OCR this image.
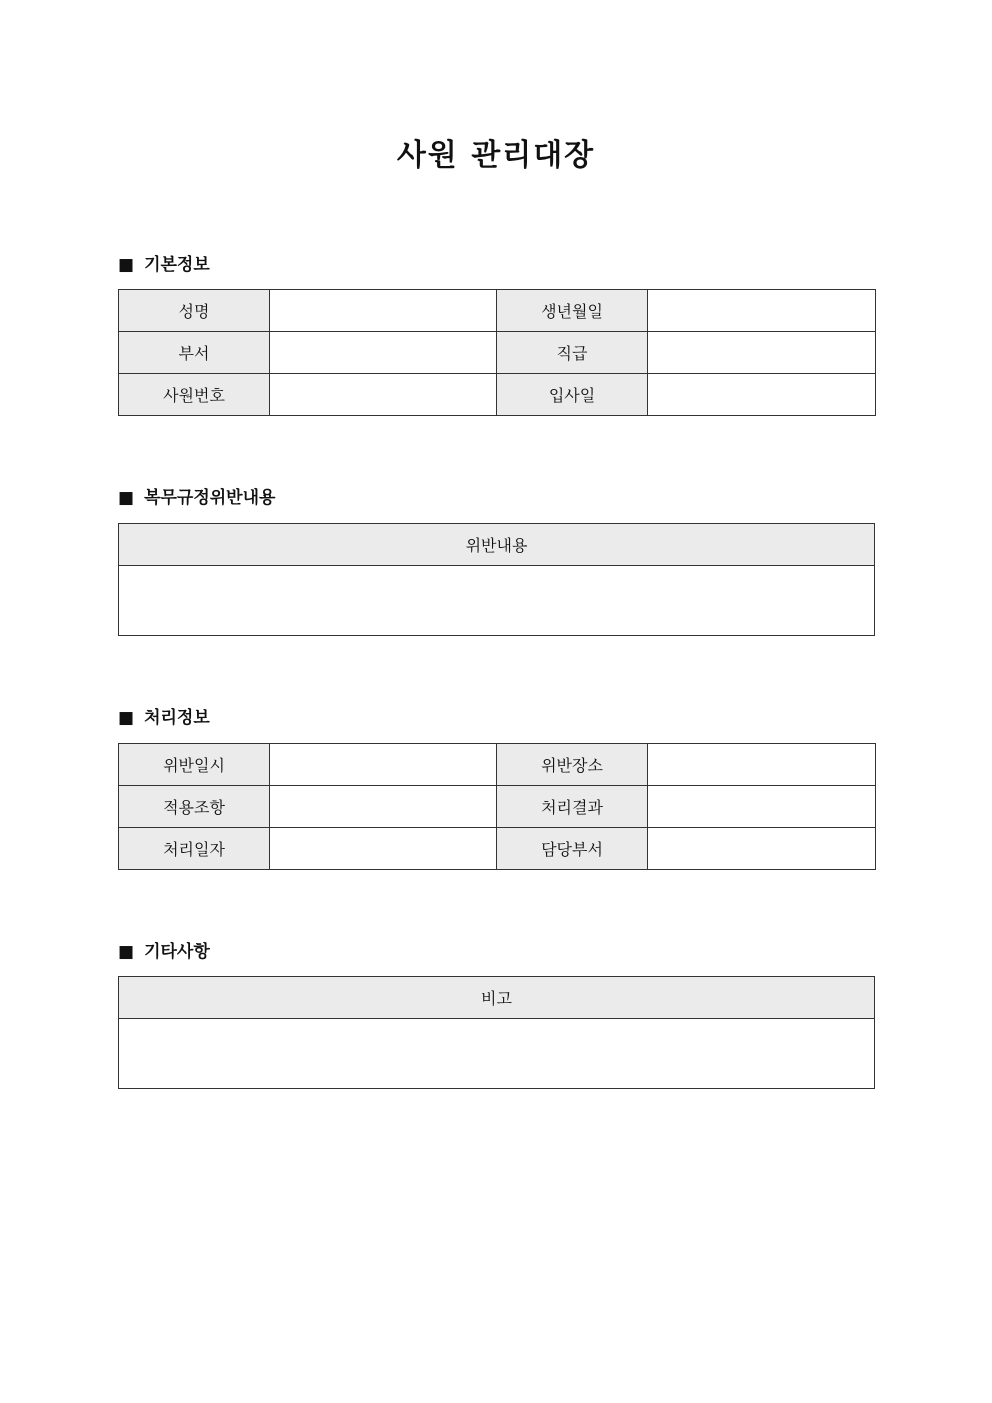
사원 관리대장
■ 기본정보
성명		생년월일	
부서		직급	
사원번호		입사일	
■ 복무규정위반내용
위반내용

■ 처리정보
위반일시		위반장소	
적용조항		처리결과	
처리일자		담당부서	
■ 기타사항
비고
